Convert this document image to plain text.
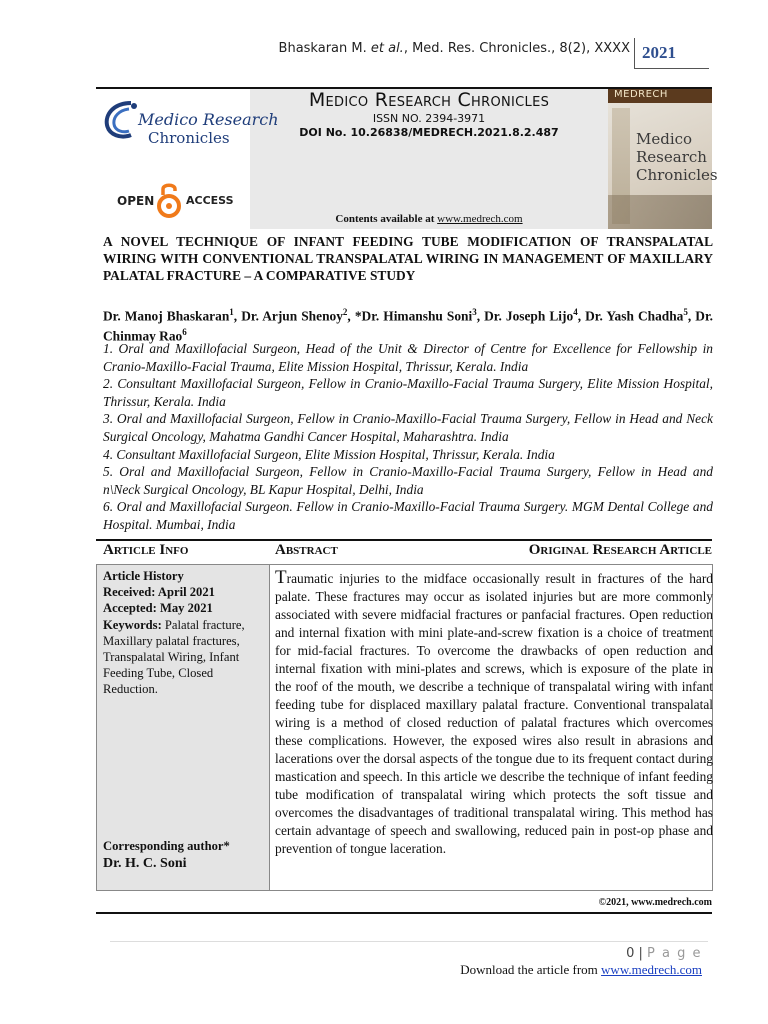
Bhaskaran M. et al., Med. Res. Chronicles., 8(2), XXXX 2021
MEDRECH
Medico
Research
Chronicles
Medico Research
Chronicles
OPEN	ACCESS
Medico Research Chronicles
ISSN NO. 2394-3971
DOI No. 10.26838/MEDRECH.2021.8.2.487
Contents available at www.medrech.com
A NOVEL TECHNIQUE OF INFANT FEEDING TUBE MODIFICATION OF TRANSPALATAL WIRING WITH CONVENTIONAL TRANSPALATAL WIRING IN MANAGEMENT OF MAXILLARY PALATAL FRACTURE – A COMPARATIVE STUDY
Dr. Manoj Bhaskaran$^1$, Dr. Arjun Shenoy$^2$, *Dr. Himanshu Soni$^3$, Dr. Joseph Lijo$^4$, Dr. Yash Chadha$^5$, Dr. Chinmay Rao$^6$
1. Oral and Maxillofacial Surgeon, Head of the Unit & Director of Centre for Excellence for Fellowship in Cranio-Maxillo-Facial Trauma, Elite Mission Hospital, Thrissur, Kerala. India
2. Consultant Maxillofacial Surgeon, Fellow in Cranio-Maxillo-Facial Trauma Surgery, Elite Mission Hospital, Thrissur, Kerala. India
3. Oral and Maxillofacial Surgeon, Fellow in Cranio-Maxillo-Facial Trauma Surgery, Fellow in Head and Neck Surgical Oncology, Mahatma Gandhi Cancer Hospital, Maharashtra. India
4. Consultant Maxillofacial Surgeon, Elite Mission Hospital, Thrissur, Kerala. India
5. Oral and Maxillofacial Surgeon, Fellow in Cranio-Maxillo-Facial Trauma Surgery, Fellow in Head and n\Neck Surgical Oncology, BL Kapur Hospital, Delhi, India
6. Oral and Maxillofacial Surgeon. Fellow in Cranio-Maxillo-Facial Trauma Surgery. MGM Dental College and Hospital. Mumbai, India
Article Info	Abstract	Original Research Article
Article History
Received: April 2021
Accepted: May 2021
Keywords: Palatal fracture, Maxillary palatal fractures, Transpalatal Wiring, Infant Feeding Tube, Closed Reduction.
Corresponding author*
Dr. H. C. Soni
Traumatic injuries to the midface occasionally result in fractures of the hard palate. These fractures may occur as isolated injuries but are more commonly associated with severe midfacial fractures or panfacial fractures. Open reduction and internal fixation with mini plate-and-screw fixation is a choice of treatment for mid-facial fractures. To overcome the drawbacks of open reduction and internal fixation with mini-plates and screws, which is exposure of the plate in the roof of the mouth, we describe a technique of transpalatal wiring with infant feeding tube for displaced maxillary palatal fracture. Conventional transpalatal wiring is a method of closed reduction of palatal fractures which overcomes these complications. However, the exposed wires also result in abrasions and lacerations over the dorsal aspects of the tongue due to its frequent contact during mastication and speech. In this article we describe the technique of infant feeding tube modification of transpalatal wiring which protects the soft tissue and overcomes the disadvantages of traditional transpalatal wiring. This method has certain advantage of speech and swallowing, reduced pain in post-op phase and prevention of tongue laceration.
©2021, www.medrech.com
0 | P a g e
Download the article from www.medrech.com
